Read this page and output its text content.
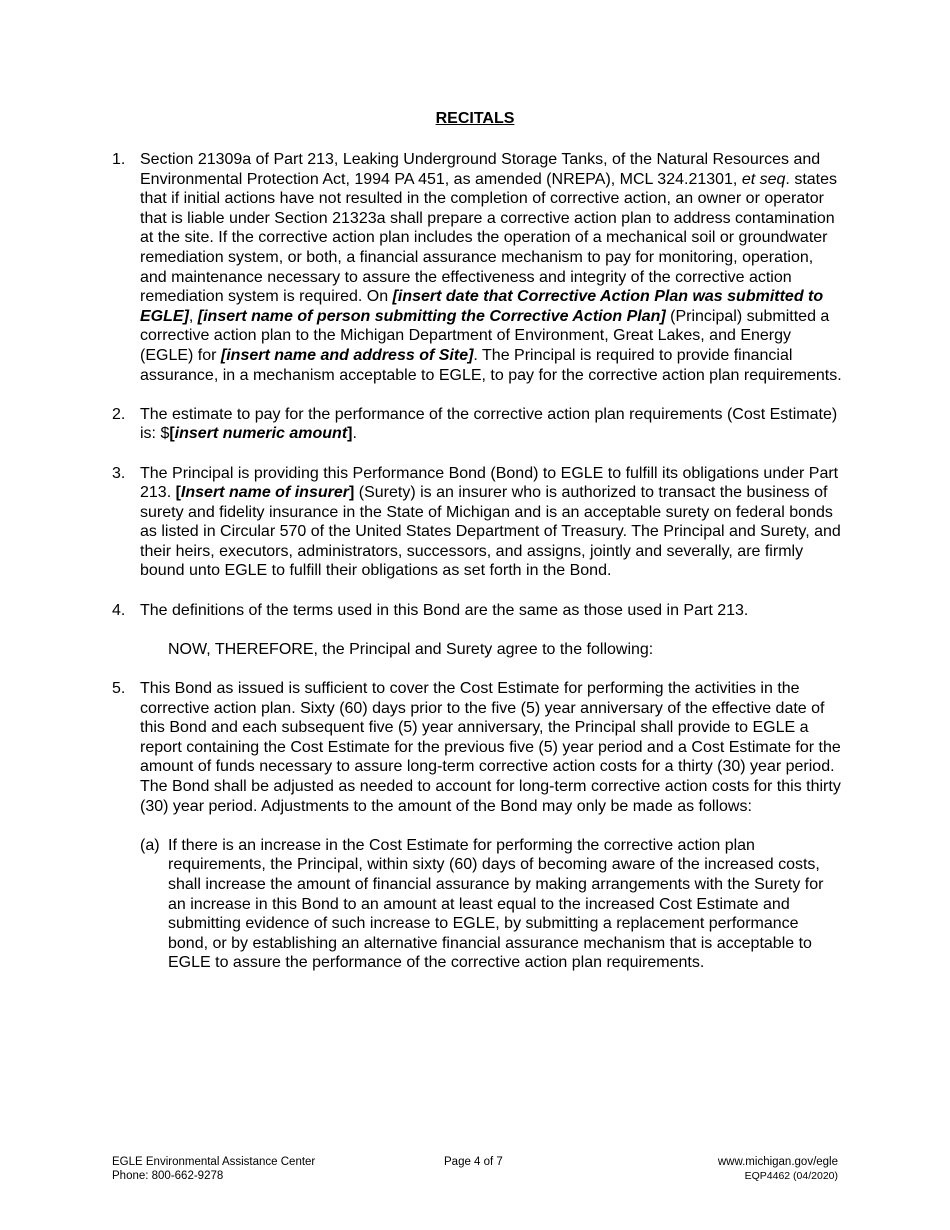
RECITALS
1. Section 21309a of Part 213, Leaking Underground Storage Tanks, of the Natural Resources and Environmental Protection Act, 1994 PA 451, as amended (NREPA), MCL 324.21301, et seq. states that if initial actions have not resulted in the completion of corrective action, an owner or operator that is liable under Section 21323a shall prepare a corrective action plan to address contamination at the site. If the corrective action plan includes the operation of a mechanical soil or groundwater remediation system, or both, a financial assurance mechanism to pay for monitoring, operation, and maintenance necessary to assure the effectiveness and integrity of the corrective action remediation system is required. On [insert date that Corrective Action Plan was submitted to EGLE], [insert name of person submitting the Corrective Action Plan] (Principal) submitted a corrective action plan to the Michigan Department of Environment, Great Lakes, and Energy (EGLE) for [insert name and address of Site]. The Principal is required to provide financial assurance, in a mechanism acceptable to EGLE, to pay for the corrective action plan requirements.
2. The estimate to pay for the performance of the corrective action plan requirements (Cost Estimate) is: $[insert numeric amount].
3. The Principal is providing this Performance Bond (Bond) to EGLE to fulfill its obligations under Part 213. [Insert name of insurer] (Surety) is an insurer who is authorized to transact the business of surety and fidelity insurance in the State of Michigan and is an acceptable surety on federal bonds as listed in Circular 570 of the United States Department of Treasury. The Principal and Surety, and their heirs, executors, administrators, successors, and assigns, jointly and severally, are firmly bound unto EGLE to fulfill their obligations as set forth in the Bond.
4. The definitions of the terms used in this Bond are the same as those used in Part 213.
NOW, THEREFORE, the Principal and Surety agree to the following:
5. This Bond as issued is sufficient to cover the Cost Estimate for performing the activities in the corrective action plan. Sixty (60) days prior to the five (5) year anniversary of the effective date of this Bond and each subsequent five (5) year anniversary, the Principal shall provide to EGLE a report containing the Cost Estimate for the previous five (5) year period and a Cost Estimate for the amount of funds necessary to assure long-term corrective action costs for a thirty (30) year period. The Bond shall be adjusted as needed to account for long-term corrective action costs for this thirty (30) year period. Adjustments to the amount of the Bond may only be made as follows:
(a) If there is an increase in the Cost Estimate for performing the corrective action plan requirements, the Principal, within sixty (60) days of becoming aware of the increased costs, shall increase the amount of financial assurance by making arrangements with the Surety for an increase in this Bond to an amount at least equal to the increased Cost Estimate and submitting evidence of such increase to EGLE, by submitting a replacement performance bond, or by establishing an alternative financial assurance mechanism that is acceptable to EGLE to assure the performance of the corrective action plan requirements.
EGLE Environmental Assistance Center
Phone: 800-662-9278
Page 4 of 7	www.michigan.gov/egle
EQP4462 (04/2020)
